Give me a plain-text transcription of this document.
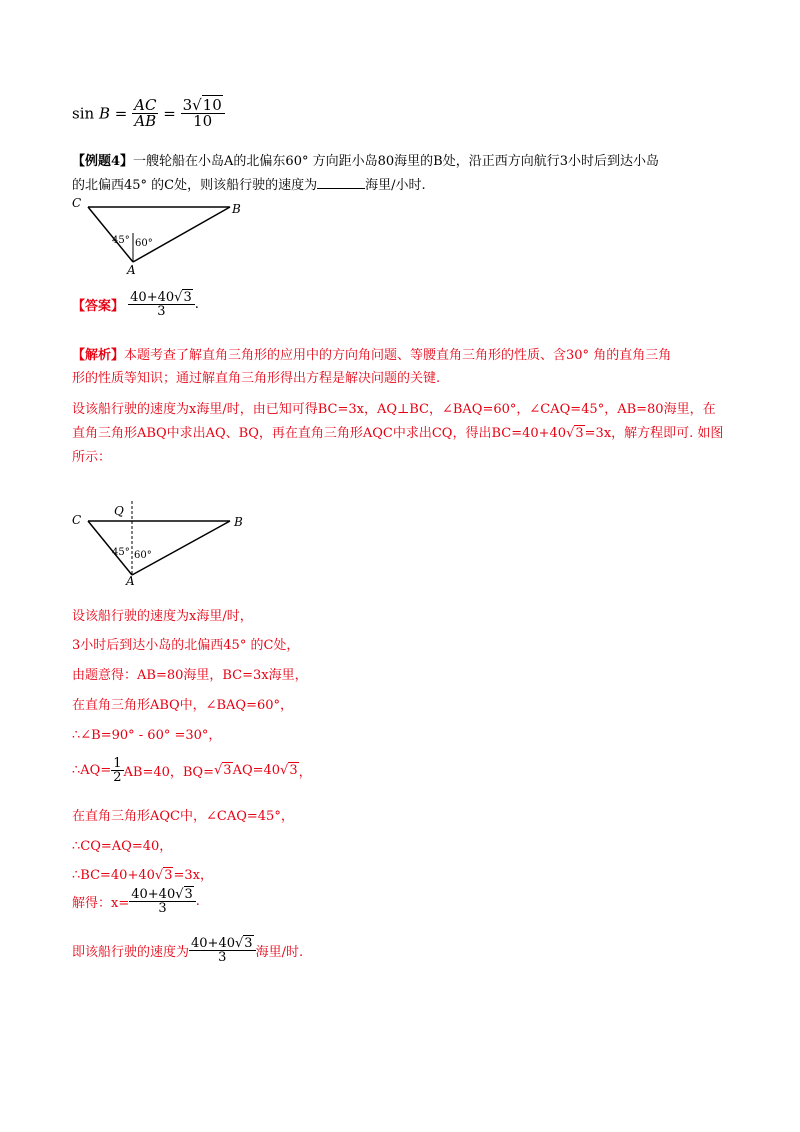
$\sin B = \frac{AC}{AB} = \frac{3√10}{10}$
【例题4】一艘轮船在小岛A的北偏东60° 方向距小岛80海里的B处，沿正西方向航行3小时后到达小岛
的北偏西45° 的C处，则该船行驶的速度为	海里/小时.
C	B
A
45° 60°
【答案】 $\frac{40+40√3}{3}$ .
【解析】本题考查了解直角三角形的应用中的方向角问题、等腰直角三角形的性质、含30° 角的直角三角
形的性质等知识；通过解直角三角形得出方程是解决问题的关键.
设该船行驶的速度为x海里/时，由已知可得BC=3x，AQ⊥BC，∠BAQ=60°，∠CAQ=45°，AB=80海里，在
直角三角形ABQ中求出AQ、BQ，再在直角三角形AQC中求出CQ，得出BC=40+40√3=3x，解方程即可. 如图
所示：
C
Q
B
A
45° 60°
设该船行驶的速度为x海里/时，
3小时后到达小岛的北偏西45° 的C处，
由题意得：AB=80海里，BC=3x海里，
在直角三角形ABQ中，∠BAQ=60°，
∴∠B=90° - 60° =30°，
∴AQ= $\frac{1}{2} AB=40$，BQ=√3AQ=40√3，
在直角三角形AQC中，∠CAQ=45°，
∴CQ=AQ=40，
∴BC=40+40√3=3x，
解得：$x= \frac{40+40√3}{3}$ .
即该船行驶的速度为 $\frac{40+40√3}{3}$ 海里/时.
